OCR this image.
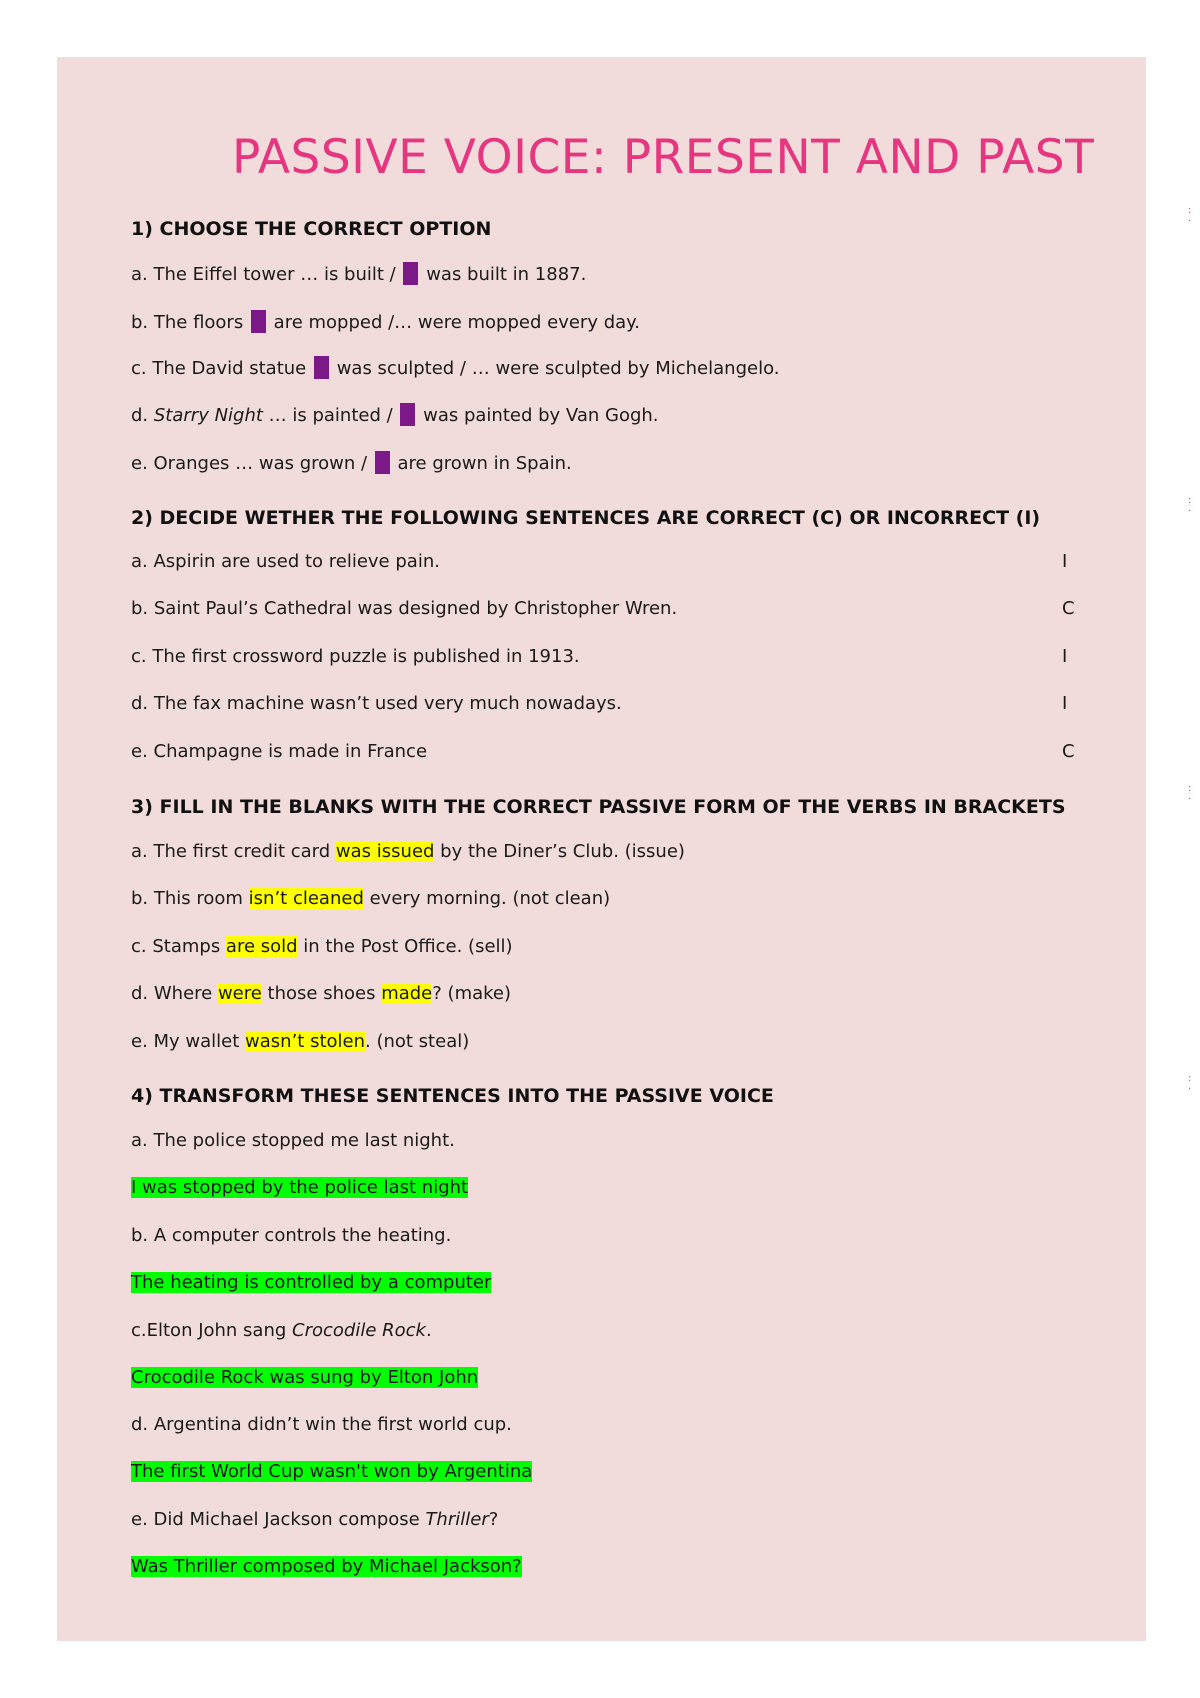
PASSIVE VOICE: PRESENT AND PAST

1) CHOOSE THE CORRECT OPTION

a. The Eiffel tower … is built /  was built in 1887.

b. The floors  are mopped /… were mopped every day.

c. The David statue  was sculpted / … were sculpted by Michelangelo.

d. Starry Night … is painted /  was painted by Van Gogh.

e. Oranges … was grown /  are grown in Spain.

2) DECIDE WETHER THE FOLLOWING SENTENCES ARE CORRECT (C) OR INCORRECT (I)

a. Aspirin are used to relieve pain.	I

b. Saint Paul’s Cathedral was designed by Christopher Wren.	C

c. The first crossword puzzle is published in 1913.	I

d. The fax machine wasn’t used very much nowadays.	I

e. Champagne is made in France	C

3) FILL IN THE BLANKS WITH THE CORRECT PASSIVE FORM OF THE VERBS IN BRACKETS

a. The first credit card was issued by the Diner’s Club. (issue)

b. This room isn’t cleaned every morning. (not clean)

c. Stamps are sold in the Post Office. (sell)

d. Where were those shoes made? (make)

e. My wallet wasn’t stolen. (not steal)

4) TRANSFORM THESE SENTENCES INTO THE PASSIVE VOICE

a. The police stopped me last night.

I was stopped by the police last night

b. A computer controls the heating.

The heating is controlled by a computer

c.Elton John sang Crocodile Rock.

Crocodile Rock was sung by Elton John

d. Argentina didn’t win the first world cup.

The first World Cup wasn't won by Argentina

e. Did Michael Jackson compose Thriller?

Was Thriller composed by Michael Jackson?

:
·
:
·
:
·
:
·
